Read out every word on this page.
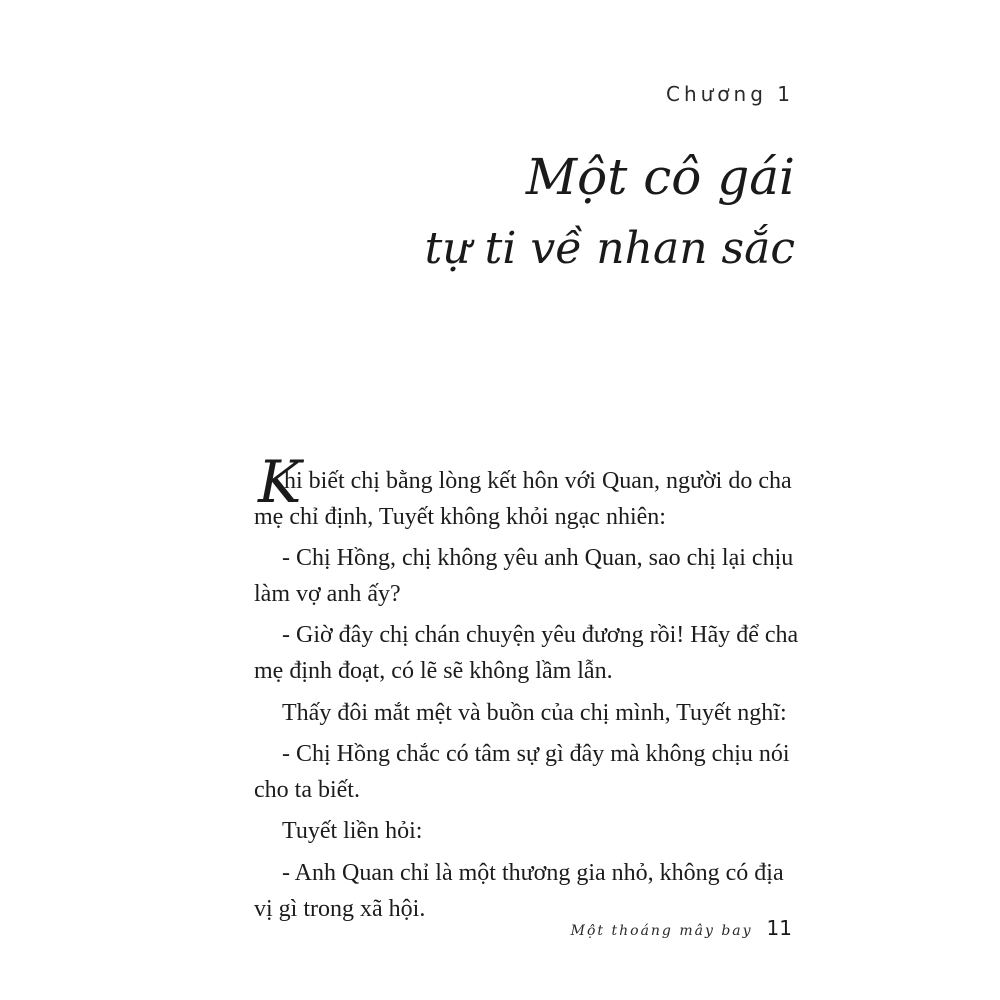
Chương 1

Một cô gái
tự ti về nhan sắc
K

hi biết chị bằng lòng kết hôn với Quan, người do cha mẹ chỉ định, Tuyết không khỏi ngạc nhiên:

- Chị Hồng, chị không yêu anh Quan, sao chị lại chịu làm vợ anh ấy?

- Giờ đây chị chán chuyện yêu đương rồi! Hãy để cha mẹ định đoạt, có lẽ sẽ không lầm lẫn.

Thấy đôi mắt mệt và buồn của chị mình, Tuyết nghĩ:

- Chị Hồng chắc có tâm sự gì đây mà không chịu nói cho ta biết.

Tuyết liền hỏi:

- Anh Quan chỉ là một thương gia nhỏ, không có địa vị gì trong xã hội.

Một thoáng mây bay 11
